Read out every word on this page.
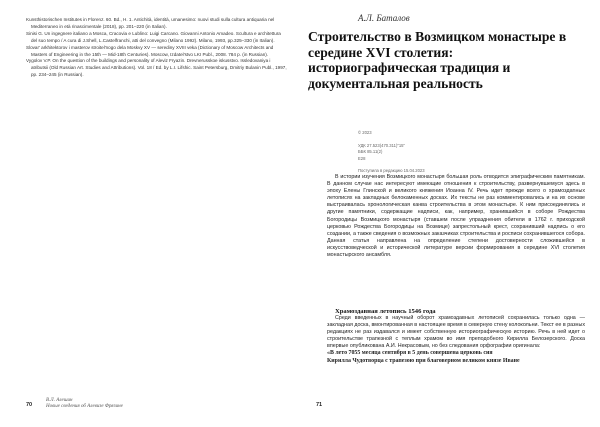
Kunsthistorischen Institutes in Florenz. 60. Bd., H. 1. Antichità, identità, umanesimo: nuovi studi sulla cultura antiquaria nel Mediterraneo in età rinascimentale (2018), pp. 201–220 (in Italian).
Sinisi G. Un ingegnere italiano a Mosca, Cracovia e Lublino: Luigi Carcano. Giovanni Antonio Amadeo. Scultura e architettura del suo tempo / A cura di J.Shell, L.Castelfranchi, atti del convegno (Milano 1992). Milano, 1993, pp.325–330 (in Italian).
Slovar' arkhitektorov i masterov stroitel'nogo dela Moskvy XV — serediny XVIII veka (Dictionary of Moscow Architects and Masters of Engineering in the 15th — Mid-18th Centuries). Moscow, Izdatel'stvo LKI Publ., 2008. 784 p. (in Russian).
Vygolov V.P. On the question of the buildings and personality of Aleviz Fryazin. Drevnerusskoe iskusstvo. Issledovaniya i atributsii (Old Russian Art. Studies and Attributions). Vol. 18 / Ed. by L.I. Lifshic. Saint Petersburg, Dmitriy Bulanin Publ., 1997, pp. 234–245 (in Russian).
70
В.Л. Алешин
Новые сведения об Алевизе Фрязине
А.Л. Баталов
Строительство в Возмицком монастыре в середине XVI столетия: историографическая традиция и документальная реальность
© 2023
УДК 27.523(470.311)"15"
ББК 85.11(2)
E28
Поступила в редакцию 15.04.2023

В истории изучения Возмицкого монастыря большая роль отводится эпиграфическим памятникам. В данном случае нас интересуют имеющие отношения к строительству, развернувшемуся здесь в эпоху Елены Глинской и великого княжения Иоанна IV. Речь идет прежде всего о храмоздanных летописях на закладных белокаменных досках. Их тексты не раз комментировались и на их основе выстраивалась хронологическая канва строительства в этом монастыре. К ним присоединялись и другие памятники, содержащие надписи, как, например, хранившийся в соборе Рождества Богородицы Возмицкого монастыря (ставшем после упразднения обители в 1762 г. приходской церковью Рождества Богородицы на Возмице) запрестольный крест, сохранивший надпись о его создании, а также сведения о возможных заказчиках строительства и росписи сохранившегося собора. Данная статья направлена на определение степени достоверности сложившейся в искусствоведческой и исторической литературе версии формирования в середине XVI столетия монастырского ансамбля.

Храмоздавная летопись 1546 года

Среди введенных в научный оборот храмоздавных летописей сохранилась только одна — закладная доска, вмонтированная в настоящее время в северную стену колокольни. Текст ее в разных редакциях не раз издавался и имеет собственную историографическую историю. Речь в ней идет о строительстве трапезной с теплым храмом во имя преподобного Кирилла Белозерского. Доска впервые опубликована А.И. Некрасовым, но без следования орфографии оригинала:

«В лето 7055 месяца сентября в 5 день совершена церковь сия
Кирилла Чудотворца с трапезою при благоверном великом князе Иване

71
